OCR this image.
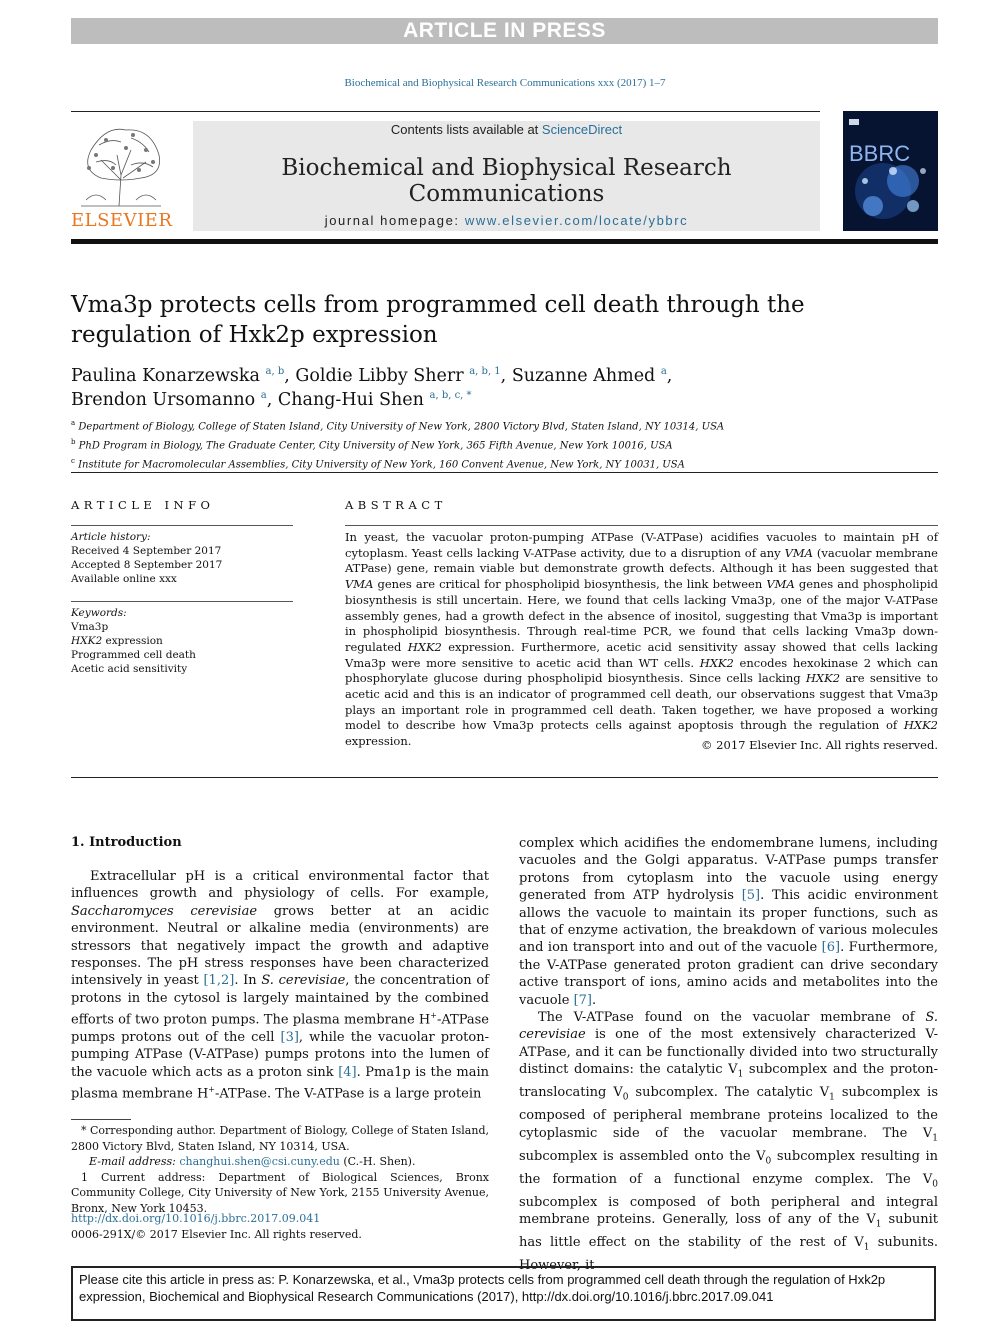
ARTICLE IN PRESS
Biochemical and Biophysical Research Communications xxx (2017) 1–7
ELSEVIER
Contents lists available at ScienceDirect
Biochemical and Biophysical Research Communications
journal homepage: www.elsevier.com/locate/ybbrc
BBRC
Vma3p protects cells from programmed cell death through the regulation of Hxk2p expression
Paulina Konarzewska $^{a, b}$, Goldie Libby Sherr $^{a, b, 1}$, Suzanne Ahmed $^a$,
Brendon Ursomanno $^a$, Chang-Hui Shen $^{a, b, c, *}$
$^a$ Department of Biology, College of Staten Island, City University of New York, 2800 Victory Blvd, Staten Island, NY 10314, USA
$^b$ PhD Program in Biology, The Graduate Center, City University of New York, 365 Fifth Avenue, New York 10016, USA
$^c$ Institute for Macromolecular Assemblies, City University of New York, 160 Convent Avenue, New York, NY 10031, USA
ARTICLE INFO
Article history:
Received 4 September 2017
Accepted 8 September 2017
Available online xxx
Keywords:
Vma3p
HXK2 expression
Programmed cell death
Acetic acid sensitivity
ABSTRACT
In yeast, the vacuolar proton-pumping ATPase (V-ATPase) acidifies vacuoles to maintain pH of cytoplasm. Yeast cells lacking V-ATPase activity, due to a disruption of any VMA (vacuolar membrane ATPase) gene, remain viable but demonstrate growth defects. Although it has been suggested that VMA genes are critical for phospholipid biosynthesis, the link between VMA genes and phospholipid biosynthesis is still uncertain. Here, we found that cells lacking Vma3p, one of the major V-ATPase assembly genes, had a growth defect in the absence of inositol, suggesting that Vma3p is important in phospholipid biosynthesis. Through real-time PCR, we found that cells lacking Vma3p down-regulated HXK2 expression. Furthermore, acetic acid sensitivity assay showed that cells lacking Vma3p were more sensitive to acetic acid than WT cells. HXK2 encodes hexokinase 2 which can phosphorylate glucose during phospholipid biosynthesis. Since cells lacking HXK2 are sensitive to acetic acid and this is an indicator of programmed cell death, our observations suggest that Vma3p plays an important role in programmed cell death. Taken together, we have proposed a working model to describe how Vma3p protects cells against apoptosis through the regulation of HXK2 expression.	© 2017 Elsevier Inc. All rights reserved.
1. Introduction

Extracellular pH is a critical environmental factor that influences growth and physiology of cells. For example, Saccharomyces cerevisiae grows better at an acidic environment. Neutral or alkaline media (environments) are stressors that negatively impact the growth and adaptive responses. The pH stress responses have been characterized intensively in yeast [1,2]. In S. cerevisiae, the concentration of protons in the cytosol is largely maintained by the combined efforts of two proton pumps. The plasma membrane H+-ATPase pumps protons out of the cell [3], while the vacuolar proton-pumping ATPase (V-ATPase) pumps protons into the lumen of the vacuole which acts as a proton sink [4]. Pma1p is the main plasma membrane H+-ATPase. The V-ATPase is a large protein

* Corresponding author. Department of Biology, College of Staten Island, 2800 Victory Blvd, Staten Island, NY 10314, USA.

E-mail address: changhui.shen@csi.cuny.edu (C.-H. Shen).

1 Current address: Department of Biological Sciences, Bronx Community College, City University of New York, 2155 University Avenue, Bronx, New York 10453.

http://dx.doi.org/10.1016/j.bbrc.2017.09.041
0006-291X/© 2017 Elsevier Inc. All rights reserved.

complex which acidifies the endomembrane lumens, including vacuoles and the Golgi apparatus. V-ATPase pumps transfer protons from cytoplasm into the vacuole using energy generated from ATP hydrolysis [5]. This acidic environment allows the vacuole to maintain its proper functions, such as that of enzyme activation, the breakdown of various molecules and ion transport into and out of the vacuole [6]. Furthermore, the V-ATPase generated proton gradient can drive secondary active transport of ions, amino acids and metabolites into the vacuole [7].

The V-ATPase found on the vacuolar membrane of S. cerevisiae is one of the most extensively characterized V-ATPase, and it can be functionally divided into two structurally distinct domains: the catalytic $V_1$ subcomplex and the proton-translocating $V_0$ subcomplex. The catalytic $V_1$ subcomplex is composed of peripheral membrane proteins localized to the cytoplasmic side of the vacuolar membrane. The $V_1$ subcomplex is assembled onto the $V_0$ subcomplex resulting in the formation of a functional enzyme complex. The $V_0$ subcomplex is composed of both peripheral and integral membrane proteins. Generally, loss of any of the $V_1$ subunit has little effect on the stability of the rest of $V_1$ subunits. However, it

Please cite this article in press as: P. Konarzewska, et al., Vma3p protects cells from programmed cell death through the regulation of Hxk2p expression, Biochemical and Biophysical Research Communications (2017), http://dx.doi.org/10.1016/j.bbrc.2017.09.041
